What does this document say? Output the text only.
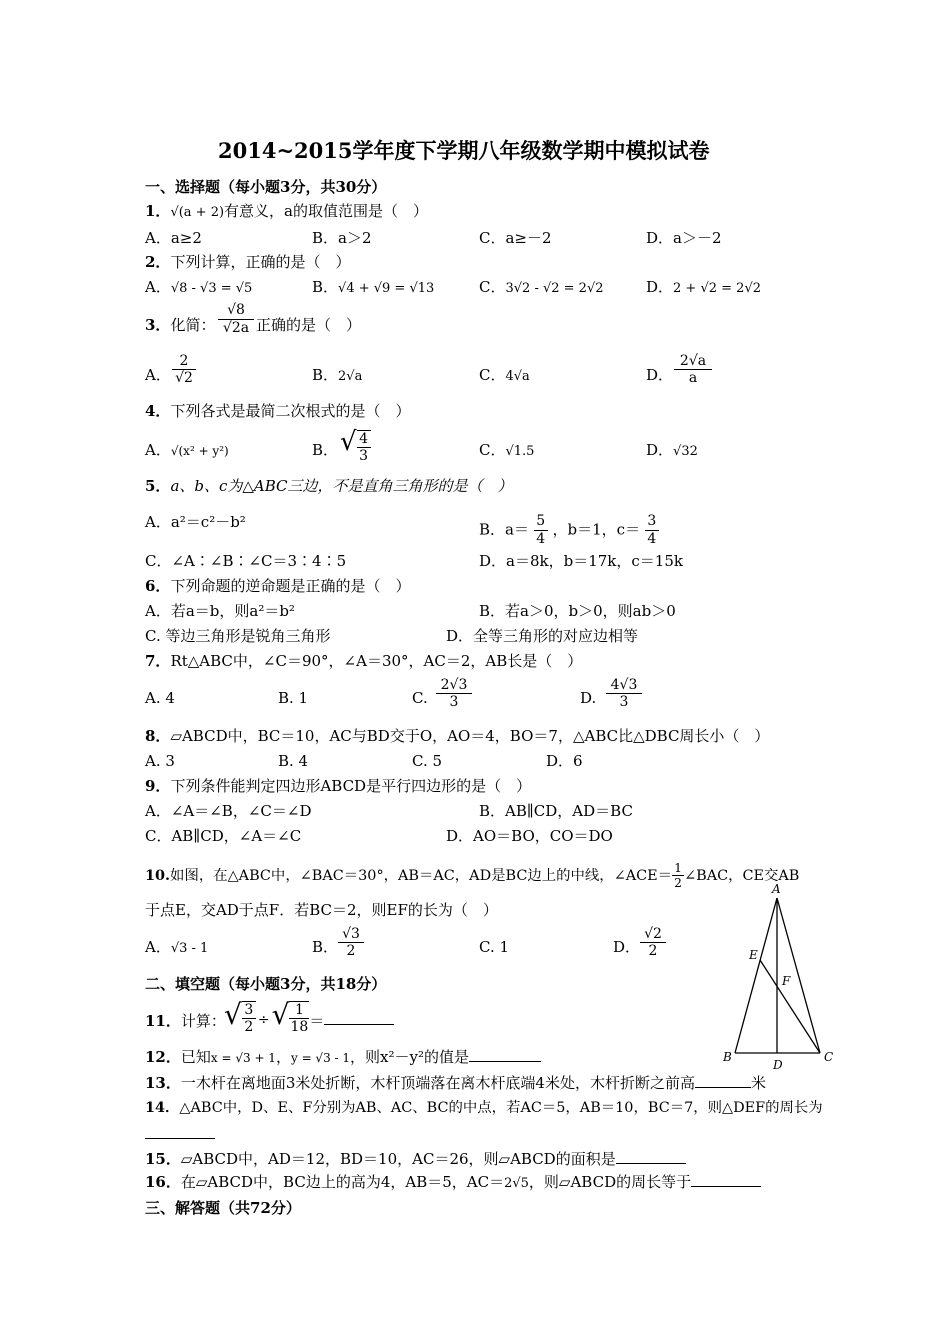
2014~2015学年度下学期八年级数学期中模拟试卷
一、选择题（每小题3分，共30分）
1．√(a + 2)有意义，a的取值范围是（　）
A．a≥2	B．a＞2	C．a≥－2	D．a＞－2
2．下列计算，正确的是（　）
A．√8 - √3 = √5	B．√4 + √9 = √13	C．3√2 - √2 = 2√2	D．2 + √2 = 2√2
3．化简：
√8
√2a 正确的是（　）
A．
2
√2	B．2√a	C．4√a	D．
2√a
a
4．下列各式是最简二次根式的是（　）
A．√(x² + y²)	B． √ $\frac{4}{3}$	C．√1.5	D．√32
5．a、b、c为△ABC三边，不是直角三角形的是（　）
A．a²＝c²－b²	B．$a= \frac{5}{4}$ ，b＝1，$c= \frac{3}{4}$
C．∠A∶∠B∶∠C＝3∶4∶5	D．a＝8k，b＝17k，c＝15k
6．下列命题的逆命题是正确的是（　）
A．若a＝b，则a²＝b²	B．若a＞0，b＞0，则ab＞0
C. 等边三角形是锐角三角形	D．全等三角形的对应边相等
7．Rt△ABC中，∠C＝90°，∠A＝30°，AC＝2，AB长是（　）
A. 4	B. 1	C.
2√3
3	D.
4√3
3
8．▱ABCD中，BC＝10，AC与BD交于O，AO＝4，BO＝7，△ABC比△DBC周长小（　）
A. 3	B. 4	C. 5	D．6
9．下列条件能判定四边形ABCD是平行四边形的是（　）
A．∠A＝∠B，∠C＝∠D	B．AB∥CD，AD＝BC
C．AB∥CD，∠A＝∠C	D．AO＝BO，CO＝DO
10.如图，在△ABC中，∠BAC＝30°，AB＝AC，AD是BC边上的中线，∠ACE＝ $\frac{1}{2}$ ∠BAC，CE交AB
于点E，交AD于点F．若BC＝2，则EF的长为（　）
A．√3 - 1	B．
√3
2	C. 1	D．
√2
2
A
B	C
D
E
F
二、填空题（每小题3分，共18分）
11．计算：
√ $\frac{3}{2}$ ÷√ $\frac{1}{18}$ ＝
12．已知x = √3 + 1，y = √3 - 1，则x²－y²的值是
13．一木杆在离地面3米处折断，木杆顶端落在离木杆底端4米处，木杆折断之前高	米
14．△ABC中，D、E、F分别为AB、AC、BC的中点，若AC＝5，AB＝10，BC＝7，则△DEF的周长为
15．▱ABCD中，AD＝12，BD＝10，AC＝26，则▱ABCD的面积是
16．在▱ABCD中，BC边上的高为4，AB＝5，AC＝2√5，则▱ABCD的周长等于
三、解答题（共72分）
